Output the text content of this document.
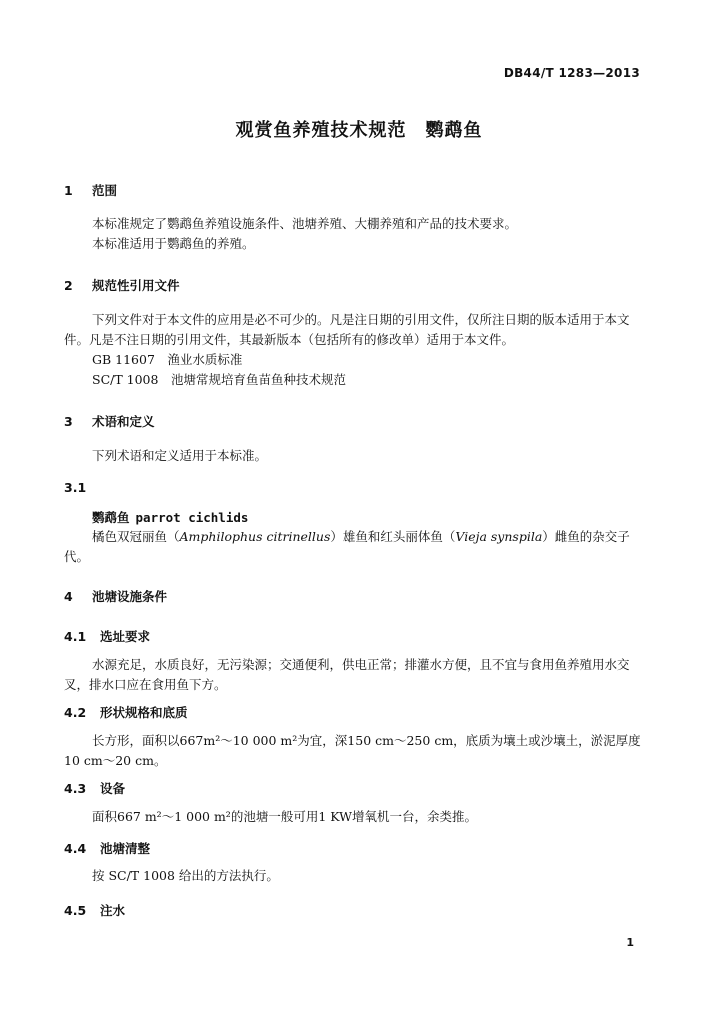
DB44/T 1283—2013
观赏鱼养殖技术规范　鹦鹉鱼
1 范围
本标准规定了鹦鹉鱼养殖设施条件、池塘养殖、大棚养殖和产品的技术要求。
本标准适用于鹦鹉鱼的养殖。
2 规范性引用文件
下列文件对于本文件的应用是必不可少的。凡是注日期的引用文件，仅所注日期的版本适用于本文件。凡是不注日期的引用文件，其最新版本（包括所有的修改单）适用于本文件。
GB 11607　渔业水质标准
SC/T 1008　池塘常规培育鱼苗鱼种技术规范
3 术语和定义
下列术语和定义适用于本标准。
3.1
鹦鹉鱼 parrot cichlids
橘色双冠丽鱼（Amphilophus citrinellus）雄鱼和红头丽体鱼（Vieja synspila）雌鱼的杂交子代。
4 池塘设施条件
4.1 选址要求
水源充足，水质良好，无污染源；交通便利，供电正常；排灌水方便，且不宜与食用鱼养殖用水交叉，排水口应在食用鱼下方。
4.2 形状规格和底质
长方形，面积以667m²～10 000 m²为宜，深150 cm～250 cm，底质为壤土或沙壤土，淤泥厚度10 cm～20 cm。
4.3 设备
面积667 m²～1 000 m²的池塘一般可用1 KW增氧机一台，余类推。
4.4 池塘清整
按 SC/T 1008 给出的方法执行。
4.5 注水
1
